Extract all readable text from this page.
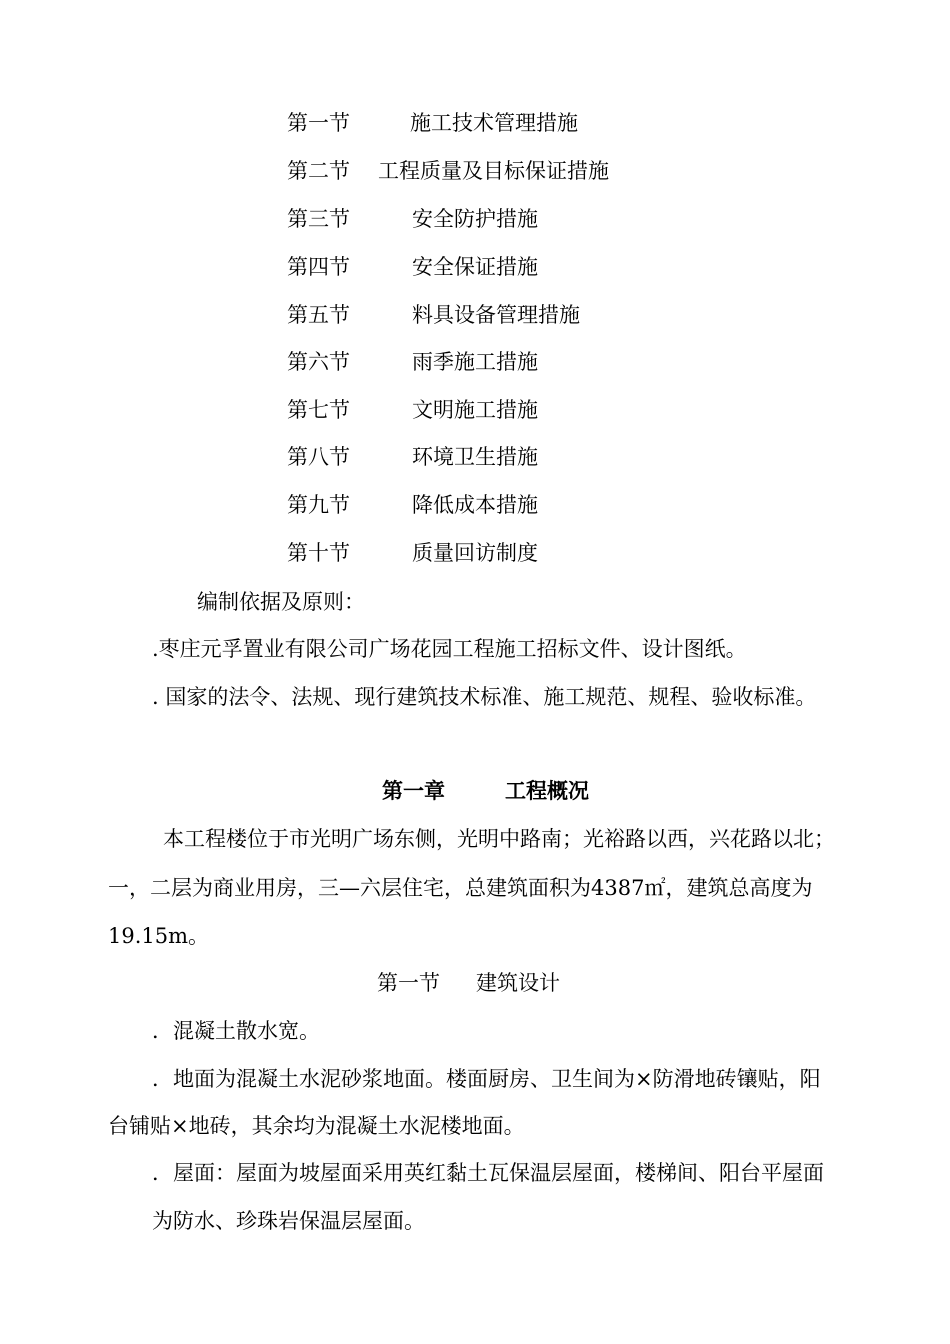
第一节	施工技术管理措施
第二节 工程质量及目标保证措施
第三节	安全防护措施
第四节	安全保证措施
第五节	料具设备管理措施
第六节	雨季施工措施
第七节	文明施工措施
第八节	环境卫生措施
第九节	降低成本措施
第十节	质量回访制度
编制依据及原则：
.枣庄元孚置业有限公司广场花园工程施工招标文件、设计图纸。
. 国家的法令、法规、现行建筑技术标准、施工规范、规程、验收标准。
第一章	工程概况
本工程楼位于市光明广场东侧，光明中路南；光裕路以西，兴花路以北；
一，二层为商业用房，三—六层住宅，总建筑面积为4387㎡，建筑总高度为
19.15m。
第一节 建筑设计
．混凝土散水宽。
．地面为混凝土水泥砂浆地面。楼面厨房、卫生间为×防滑地砖镶贴，阳
台铺贴×地砖，其余均为混凝土水泥楼地面。
．屋面：屋面为坡屋面采用英红黏土瓦保温层屋面，楼梯间、阳台平屋面
为防水、珍珠岩保温层屋面。
